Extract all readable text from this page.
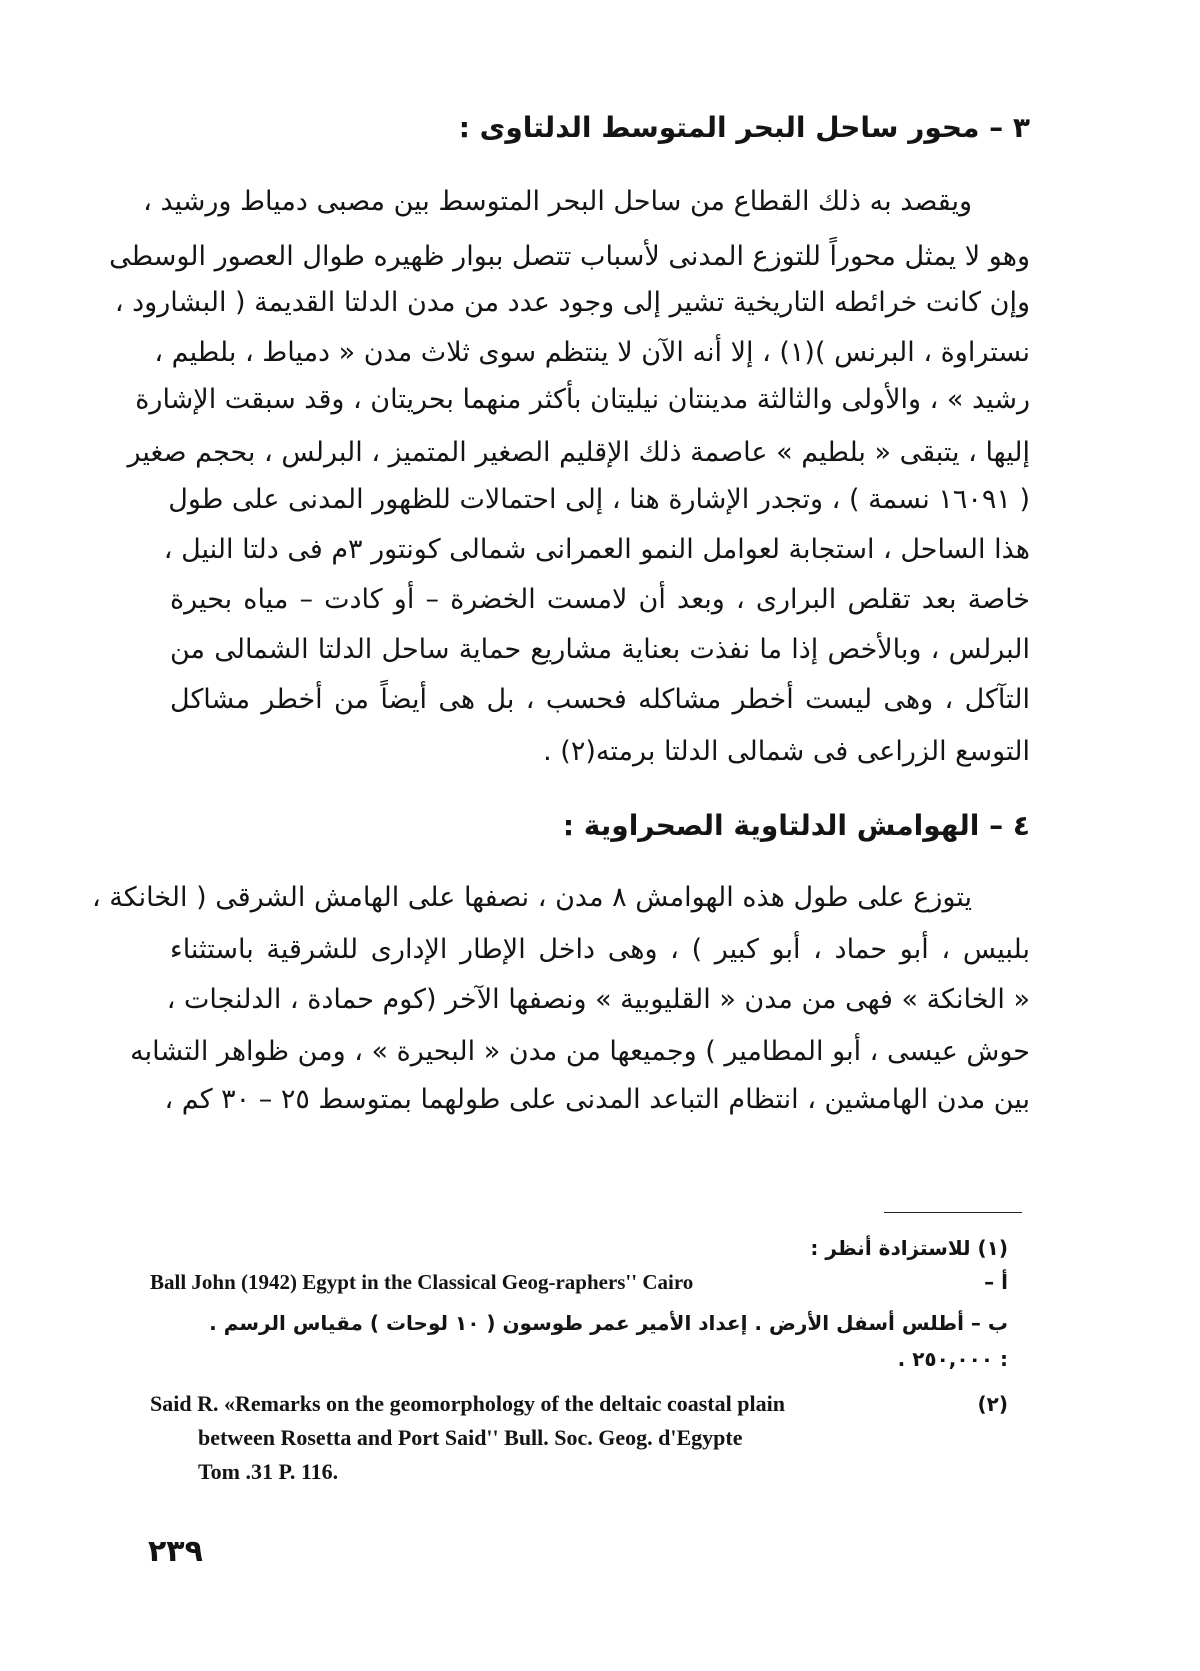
٣ – محور ساحل البحر المتوسط الدلتاوى :
ويقصد به ذلك القطاع من ساحل البحر المتوسط بين مصبى دمياط ورشيد ،
وهو لا يمثل محوراً للتوزع المدنى لأسباب تتصل ببوار ظهيره طوال العصور الوسطى
وإن كانت خرائطه التاريخية تشير إلى وجود عدد من مدن الدلتا القديمة ( البشارود ،
نستراوة ، البرنس )(١) ، إلا أنه الآن لا ينتظم سوى ثلاث مدن « دمياط ، بلطيم ،
رشيد » ، والأولى والثالثة مدينتان نيليتان بأكثر منهما بحريتان ، وقد سبقت الإشارة
إليها ، يتبقى « بلطيم » عاصمة ذلك الإقليم الصغير المتميز ، البرلس ، بحجم صغير
( ١٦٠٩١ نسمة ) ، وتجدر الإشارة هنا ، إلى احتمالات للظهور المدنى على طول
هذا الساحل ، استجابة لعوامل النمو العمرانى شمالى كونتور ٣م فى دلتا النيل ،
خاصة بعد تقلص البرارى ، وبعد أن لامست الخضرة – أو كادت – مياه بحيرة
البرلس ، وبالأخص إذا ما نفذت بعناية مشاريع حماية ساحل الدلتا الشمالى من
التآكل ، وهى ليست أخطر مشاكله فحسب ، بل هى أيضاً من أخطر مشاكل
التوسع الزراعى فى شمالى الدلتا برمته(٢) .
٤ – الهوامش الدلتاوية الصحراوية :
يتوزع على طول هذه الهوامش ٨ مدن ، نصفها على الهامش الشرقى ( الخانكة ،
بلبيس ، أبو حماد ، أبو كبير ) ، وهى داخل الإطار الإدارى للشرقية باستثناء
« الخانكة » فهى من مدن « القليوبية » ونصفها الآخر (كوم حمادة ، الدلنجات ،
حوش عيسى ، أبو المطامير ) وجميعها من مدن « البحيرة » ، ومن ظواهر التشابه
بين مدن الهامشين ، انتظام التباعد المدنى على طولهما بمتوسط ٢٥ – ٣٠ كم ،
(١) للاستزادة أنظر :
أ –
Ball John (1942) Egypt in the Classical Geog-raphers'' Cairo
ب – أطلس أسفل الأرض . إعداد الأمير عمر طوسون ( ١٠ لوحات ) مقياس الرسم .
: ٢٥٠,٠٠٠ .
(٢)
Said R. «Remarks on the geomorphology of the deltaic coastal plain
between Rosetta and Port Said'' Bull. Soc. Geog. d'Egypte
Tom .31 P. 116.
٢٣٩
